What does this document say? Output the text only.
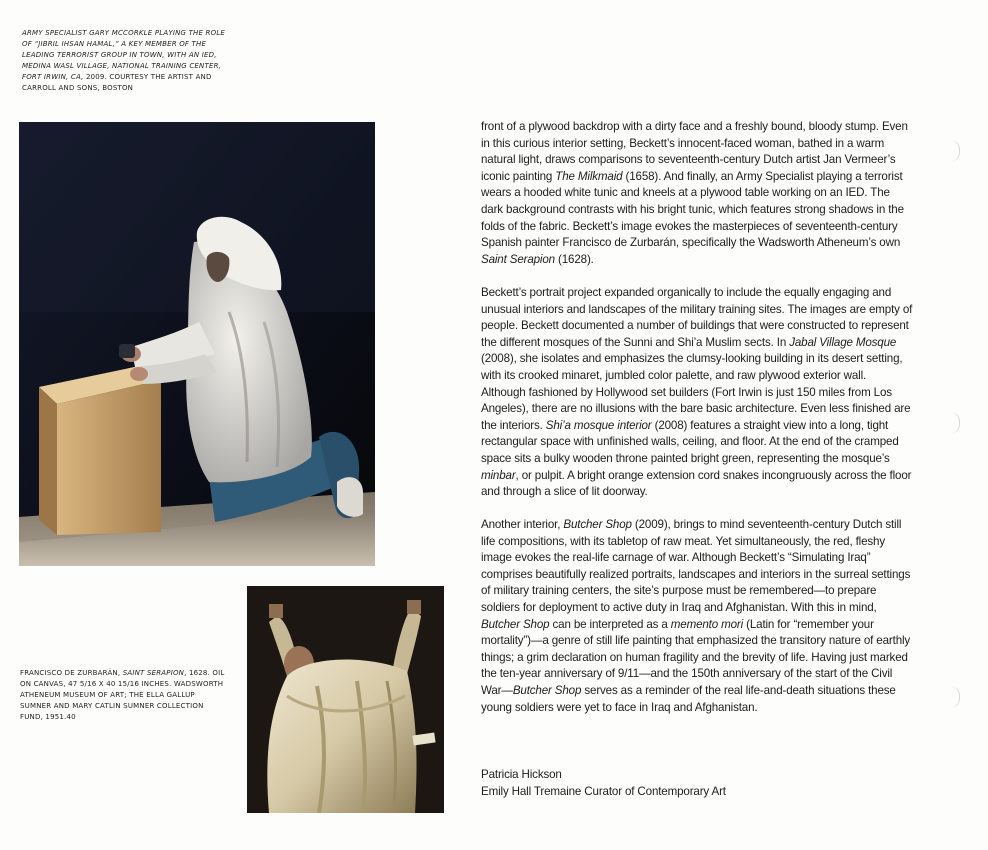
ARMY SPECIALIST GARY MCCORKLE PLAYING THE ROLE OF “JIBRIL IHSAN HAMAL,” A KEY MEMBER OF THE LEADING TERRORIST GROUP IN TOWN, WITH AN IED, MEDINA WASL VILLAGE, NATIONAL TRAINING CENTER, FORT IRWIN, CA, 2009. COURTESY THE ARTIST AND CARROLL AND SONS, BOSTON
FRANCISCO DE ZURBARÁN, SAINT SERAPION, 1628. OIL ON CANVAS, 47 5/16 X 40 15/16 INCHES. WADSWORTH ATHENEUM MUSEUM OF ART; THE ELLA GALLUP SUMNER AND MARY CATLIN SUMNER COLLECTION FUND, 1951.40

front of a plywood backdrop with a dirty face and a freshly bound, bloody stump. Even in this curious interior setting, Beckett’s innocent-faced woman, bathed in a warm natural light, draws comparisons to seventeenth-century Dutch artist Jan Vermeer’s iconic painting The Milkmaid (1658). And finally, an Army Specialist playing a terrorist wears a hooded white tunic and kneels at a plywood table working on an IED. The dark background contrasts with his bright tunic, which features strong shadows in the folds of the fabric. Beckett’s image evokes the masterpieces of seventeenth-century Spanish painter Francisco de Zurbarán, specifically the Wadsworth Atheneum’s own Saint Serapion (1628).

Beckett’s portrait project expanded organically to include the equally engaging and unusual interiors and landscapes of the military training sites. The images are empty of people. Beckett documented a number of buildings that were constructed to represent the different mosques of the Sunni and Shi’a Muslim sects. In Jabal Village Mosque (2008), she isolates and emphasizes the clumsy-looking building in its desert setting, with its crooked minaret, jumbled color palette, and raw plywood exterior wall. Although fashioned by Hollywood set builders (Fort Irwin is just 150 miles from Los Angeles), there are no illusions with the bare basic architecture. Even less finished are the interiors. Shi’a mosque interior (2008) features a straight view into a long, tight rectangular space with unfinished walls, ceiling, and floor. At the end of the cramped space sits a bulky wooden throne painted bright green, representing the mosque’s minbar, or pulpit. A bright orange extension cord snakes incongruously across the floor and through a slice of lit doorway.

Another interior, Butcher Shop (2009), brings to mind seventeenth-century Dutch still life compositions, with its tabletop of raw meat. Yet simultaneously, the red, fleshy image evokes the real-life carnage of war. Although Beckett’s “Simulating Iraq” comprises beautifully realized portraits, landscapes and interiors in the surreal settings of military training centers, the site’s purpose must be remembered—to prepare soldiers for deployment to active duty in Iraq and Afghanistan. With this in mind, Butcher Shop can be interpreted as a memento mori (Latin for “remember your mortality”)—a genre of still life painting that emphasized the transitory nature of earthly things; a grim declaration on human fragility and the brevity of life. Having just marked the ten-year anniversary of 9/11—and the 150th anniversary of the start of the Civil War—Butcher Shop serves as a reminder of the real life-and-death situations these young soldiers were yet to face in Iraq and Afghanistan.

Patricia Hickson
Emily Hall Tremaine Curator of Contemporary Art
